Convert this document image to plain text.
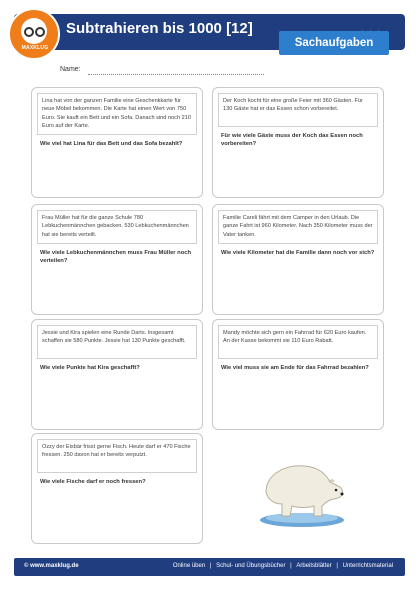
Subtrahieren bis 1000 [12]
MAXKLUG	Sachaufgaben
Name:
Lina hat von der ganzen Familie eine Geschenkkarte für neue Möbel bekommen. Die Karte hat einen Wert von 750 Euro. Sie kauft ein Bett und ein Sofa. Danach sind noch 210 Euro auf der Karte.
Wie viel hat Lina für das Bett und das Sofa bezahlt?
Der Koch kocht für eine große Feier mit 360 Gästen. Für 130 Gäste hat er das Essen schon vorbereitet.
Für wie viele Gäste muss der Koch das Essen noch vorbereiten?
Frau Müller hat für die ganze Schule 780 Lebkuchenmännchen gebacken. 530 Lebkuchenmännchen hat sie bereits verteilt.
Wie viele Lebkuchenmännchen muss Frau Müller noch verteilen?
Familie Careli fährt mit dem Camper in den Urlaub. Die ganze Fahrt ist 960 Kilometer. Nach 350 Kilometer muss der Vater tanken.
Wie viele Kilometer hat die Familie dann noch vor sich?
Jessie und Kira spielen eine Runde Darts. Insgesamt schaffen sie 580 Punkte. Jessie hat 130 Punkte geschafft.
Wie viele Punkte hat Kira geschafft?
Mandy möchte sich gern ein Fahrrad für 620 Euro kaufen. An der Kasse bekommt sie 110 Euro Rabatt.
Wie viel muss sie am Ende für das Fahrrad bezahlen?
Ozzy der Eisbär frisst gerne Fisch. Heute darf er 470 Fische fressen. 250 davon hat er bereits verputzt.
Wie viele Fische darf er noch fressen?
© www.maxklug.de	Online üben | Schul- und Übungsbücher | Arbeitsblätter | Unterrichtsmaterial
